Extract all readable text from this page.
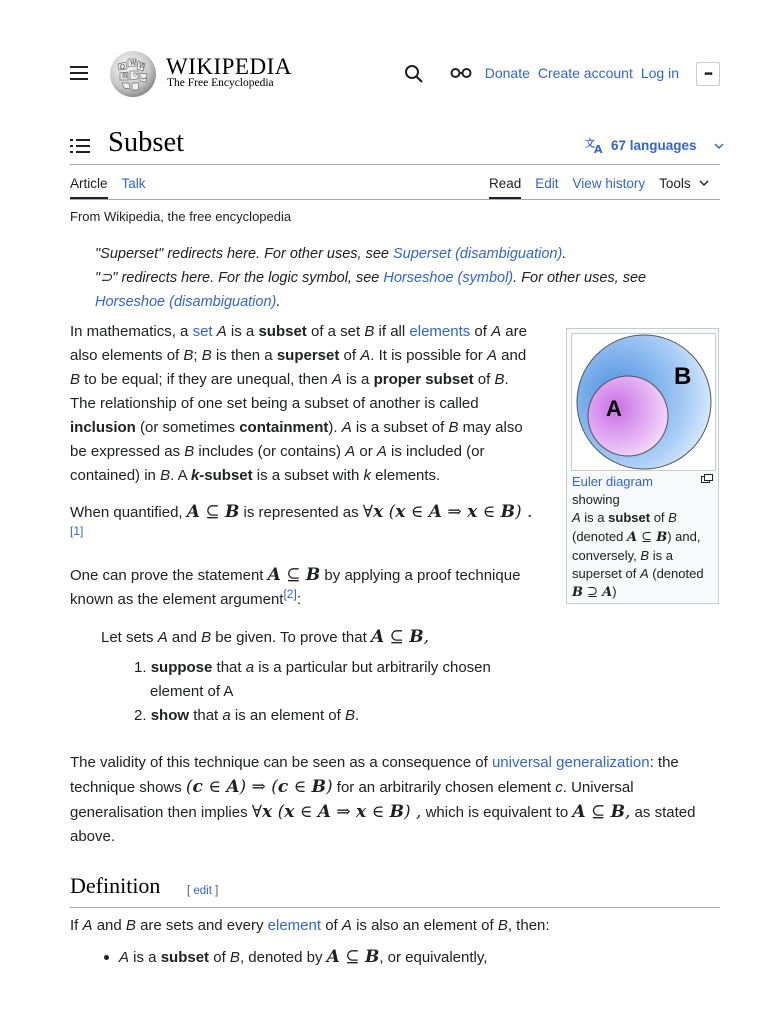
Ω
W И
維 ウ ب WIKIPEDIA
The Free Encyclopedia
Donate Create account Log in	•••
Subset	文 A 67 languages
Article Talk	Read Edit View history Tools
From Wikipedia, the free encyclopedia
"Superset" redirects here. For other uses, see Superset (disambiguation).
"⊃" redirects here. For the logic symbol, see Horseshoe (symbol). For other uses, see
Horseshoe (disambiguation).
In mathematics, a set A is a subset of a set B if all elements of A are
also elements of B; B is then a superset of A. It is possible for A and
B to be equal; if they are unequal, then A is a proper subset of B.
The relationship of one set being a subset of another is called
inclusion (or sometimes containment). A is a subset of B may also
be expressed as B includes (or contains) A or A is included (or
contained) in B. A k-subset is a subset with k elements.
B
A
Euler diagram
showing
A is a subset of B
(denoted A ⊆ B) and,
conversely, B is a
superset of A (denoted
B ⊇ A)
When quantified, A ⊆ B is represented as ∀x (x ∈ A ⇒ x ∈ B) .
[1]
One can prove the statement A ⊆ B by applying a proof technique
known as the element argument[2]:
Let sets A and B be given. To prove that A ⊆ B,
1. suppose that a is a particular but arbitrarily chosen
element of A
2. show that a is an element of B.
The validity of this technique can be seen as a consequence of universal generalization: the
technique shows (c ∈ A) ⇒ (c ∈ B) for an arbitrarily chosen element c. Universal
generalisation then implies ∀x (x ∈ A ⇒ x ∈ B) , which is equivalent to A ⊆ B, as stated
above.
Definition [ edit ]
If A and B are sets and every element of A is also an element of B, then:
A is a subset of B, denoted by A ⊆ B, or equivalently,
